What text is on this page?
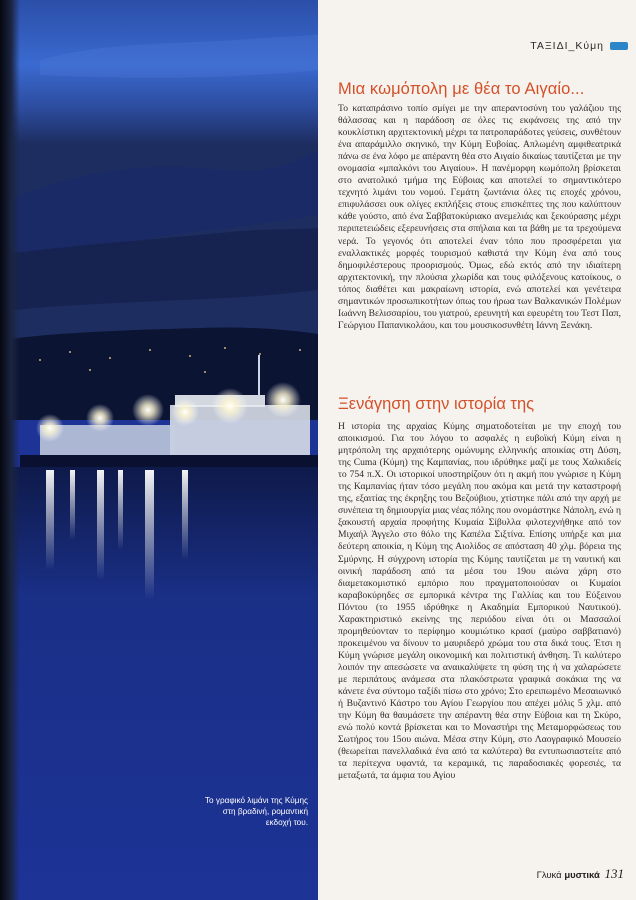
Το γραφικό λιμάνι της Κύμης στη βραδινή, ρομαντική εκδοχή του.

ΤΑΞΙΔΙ_Κύμη
Μια κωμόπολη με θέα το Αιγαίο...

Το καταπράσινο τοπίο σμίγει με την απεραντοσύνη του γαλάζιου της θάλασσας και η παράδοση σε όλες τις εκφάνσεις της από την κουκλίστικη αρχιτεκτονική μέχρι τα πατροπαράδοτες γεύσεις, συνθέτουν ένα απαράμιλλο σκηνικό, την Κύμη Ευβοίας. Απλωμένη αμφιθεατρικά πάνω σε ένα λόφο με απέραντη θέα στο Αιγαίο δικαίως ταυτίζεται με την ονομασία «μπαλκόνι του Αιγαίου». Η πανέμορφη κωμόπολη βρίσκεται στο ανατολικό τμήμα της Εύβοιας και αποτελεί το σημαντικότερο τεχνητό λιμάνι του νομού. Γεμάτη ζωντάνια όλες τις εποχές χρόνου, επιφυλάσσει ουκ ολίγες εκπλήξεις στους επισκέπτες της που καλύπτουν κάθε γούστο, από ένα Σαββατοκύριακο ανεμελιάς και ξεκούρασης μέχρι περιπετειώδεις εξερευνήσεις στα σπήλαια και τα βάθη με τα τρεχούμενα νερά. Το γεγονός ότι αποτελεί έναν τόπο που προσφέρεται για εναλλακτικές μορφές τουρισμού καθιστά την Κύμη ένα από τους δημοφιλέστερους προορισμούς. Όμως, εδώ εκτός από την ιδιαίτερη αρχιτεκτονική, την πλούσια χλωρίδα και τους φιλόξενους κατοίκους, ο τόπος διαθέτει και μακραίωνη ιστορία, ενώ αποτελεί και γενέτειρα σημαντικών προσωπικοτήτων όπως του ήρωα των Βαλκανικών Πολέμων Ιωάννη Βελισσαρίου, του γιατρού, ερευνητή και εφευρέτη του Τεστ Παπ, Γεώργιου Παπανικολάου, και του μουσικοσυνθέτη Ιάννη Ξενάκη.

Ξενάγηση στην ιστορία της

Η ιστορία της αρχαίας Κύμης σηματοδοτείται με την εποχή του αποικισμού. Για του λόγου το ασφαλές η ευβοϊκή Κύμη είναι η μητρόπολη της αρχαιότερης ομώνυμης ελληνικής αποικίας στη Δύση, της Cuma (Κύμη) της Καμπανίας, που ιδρύθηκε μαζί με τους Χαλκιδείς το 754 π.Χ. Οι ιστορικοί υποστηρίζουν ότι η ακμή που γνώρισε η Κύμη της Καμπανίας ήταν τόσο μεγάλη που ακόμα και μετά την καταστροφή της, εξαιτίας της έκρηξης του Βεζούβιου, χτίστηκε πάλι από την αρχή με συνέπεια τη δημιουργία μιας νέας πόλης που ονομάστηκε Νάπολη, ενώ η ξακουστή αρχαία προφήτης Κυμαία Σίβυλλα φιλοτεχνήθηκε από τον Μιχαήλ Άγγελο στο θόλο της Καπέλα Σιξτίνα. Επίσης υπήρξε και μια δεύτερη αποικία, η Κύμη της Αιολίδος σε απόσταση 40 χλμ. βόρεια της Σμύρνης. Η σύγχρονη ιστορία της Κύμης ταυτίζεται με τη ναυτική και οινική παράδοση από τα μέσα του 19ου αιώνα χάρη στο διαμετακομιστικό εμπόριο που πραγματοποιούσαν οι Κυμαίοι καραβοκύρηδες σε εμπορικά κέντρα της Γαλλίας και του Εύξεινου Πόντου (το 1955 ιδρύθηκε η Ακαδημία Εμπορικού Ναυτικού). Χαρακτηριστικό εκείνης της περιόδου είναι ότι οι Μασσαλοί προμηθεύονταν το περίφημο κουμιώτικο κρασί (μαύρο σαββατιανό) προκειμένου να δίνουν το μαυριδερό χρώμα του στα δικά τους. Έτσι η Κύμη γνώρισε μεγάλη οικονομική και πολιτιστική άνθηση. Τι καλύτερο λοιπόν την απεσώσετε να αναικαλύψετε τη φύση της ή να χαλαρώσετε με περιπάτους ανάμεσα στα πλακόστρωτα γραφικά σοκάκια της να κάνετε ένα σύντομο ταξίδι πίσω στο χρόνο; Στο ερειπωμένο Μεσαιωνικό ή Βυζαντινό Κάστρο του Αγίου Γεωργίου που απέχει μόλις 5 χλμ. από την Κύμη θα θαυμάσετε την απέραντη θέα στην Εύβοια και τη Σκύρο, ενώ πολύ κοντά βρίσκεται και το Μοναστήρι της Μεταμορφώσεως του Σωτήρος του 15ου αιώνα. Μέσα στην Κύμη, στο Λαογραφικό Μουσείο (θεωρείται πανελλαδικά ένα από τα καλύτερα) θα εντυπωσιαστείτε από τα περίτεχνα υφαντά, τα κεραμικά, τις παραδοσιακές φορεσιές, τα μεταξωτά, τα άμφια του Αγίου

Γλυκά μυστικά 131
